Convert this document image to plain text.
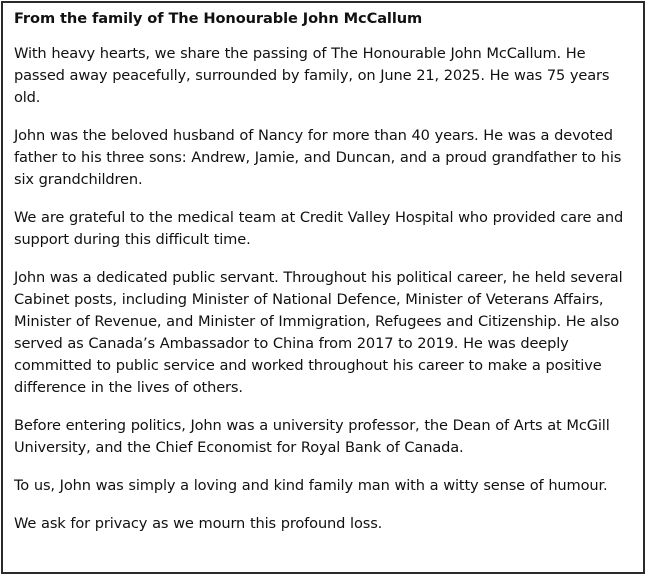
From the family of The Honourable John McCallum

With heavy hearts, we share the passing of The Honourable John McCallum. He passed away peacefully, surrounded by family, on June 21, 2025. He was 75 years old.

John was the beloved husband of Nancy for more than 40 years. He was a devoted father to his three sons: Andrew, Jamie, and Duncan, and a proud grandfather to his six grandchildren.

We are grateful to the medical team at Credit Valley Hospital who provided care and support during this difficult time.

John was a dedicated public servant. Throughout his political career, he held several Cabinet posts, including Minister of National Defence, Minister of Veterans Affairs, Minister of Revenue, and Minister of Immigration, Refugees and Citizenship. He also served as Canada’s Ambassador to China from 2017 to 2019. He was deeply committed to public service and worked throughout his career to make a positive difference in the lives of others.

Before entering politics, John was a university professor, the Dean of Arts at McGill University, and the Chief Economist for Royal Bank of Canada.

To us, John was simply a loving and kind family man with a witty sense of humour.

We ask for privacy as we mourn this profound loss.
